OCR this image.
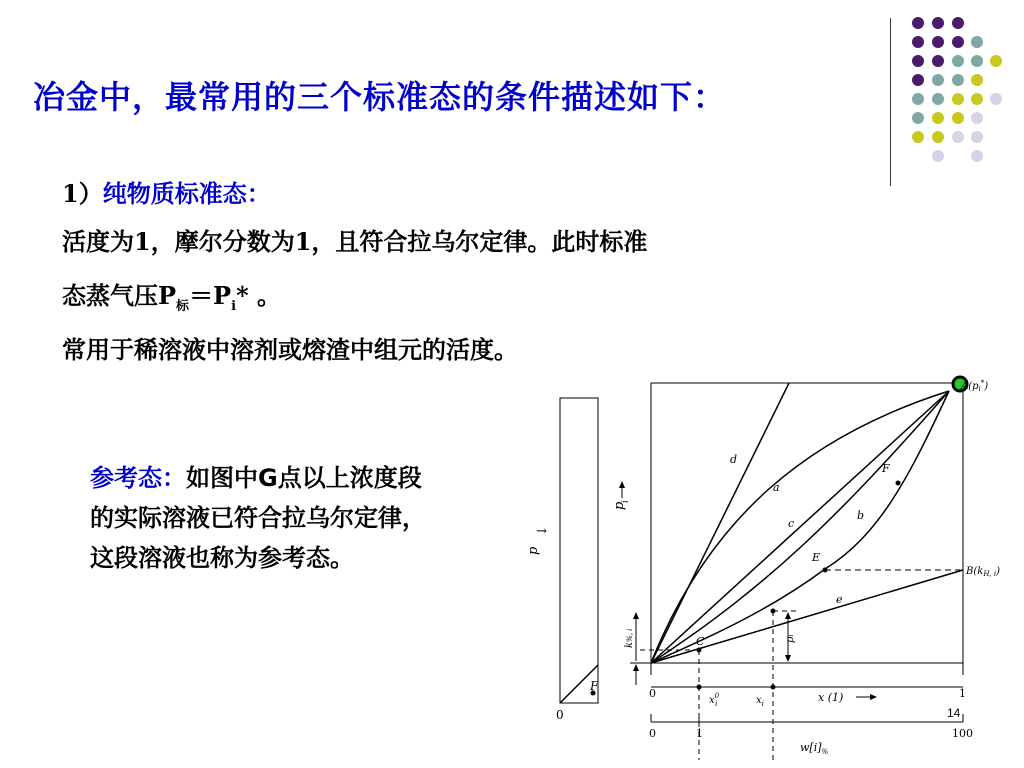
冶金中，最常用的三个标准态的条件描述如下：
1）纯物质标准态：
活度为1，摩尔分数为1，且符合拉乌尔定律。此时标准
态蒸气压$P_标=P_i*$ 。
常用于稀溶液中溶剂或熔渣中组元的活度。
参考态：如图中G点以上浓度段的实际溶液已符合拉乌尔定律，这段溶液也称为参考态。	p
→
F
0
p
i
d
a
c
b
e
$A(p_i^*)$
$B(k_{H, i})$
F
E
C	pi
k%, i
0	1
$x^0$ i	$x_i$	x (1)
0	1	100
$w[i]_{\%}$
14
